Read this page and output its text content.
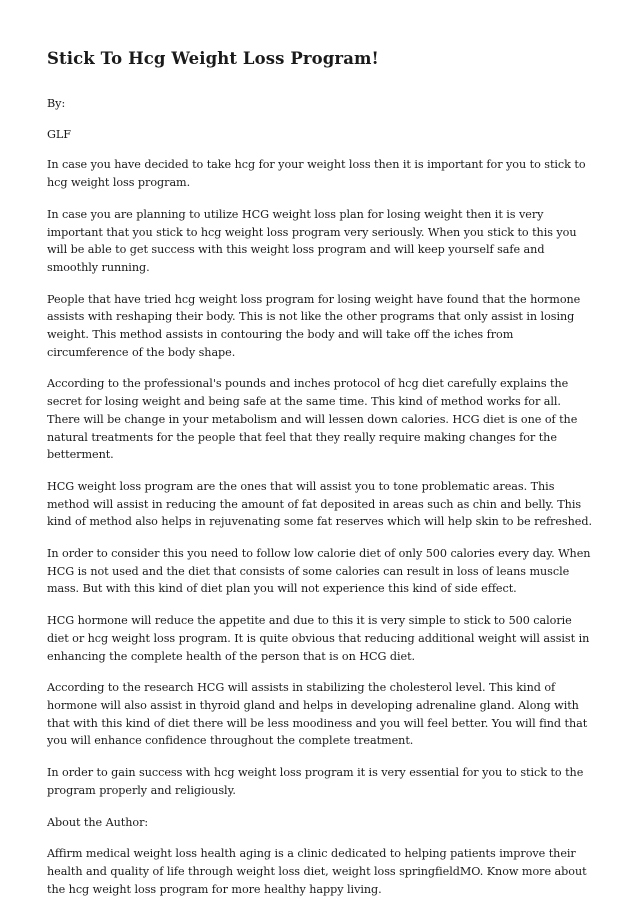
Stick To Hcg Weight Loss Program!

By:

GLF

In case you have decided to take hcg for your weight loss then it is important for you to stick to hcg weight loss program.

In case you are planning to utilize HCG weight loss plan for losing weight then it is very important that you stick to hcg weight loss program very seriously. When you stick to this you will be able to get success with this weight loss program and will keep yourself safe and smoothly running.

People that have tried hcg weight loss program for losing weight have found that the hormone assists with reshaping their body. This is not like the other programs that only assist in losing weight. This method assists in contouring the body and will take off the iches from circumference of the body shape.

According to the professional's pounds and inches protocol of hcg diet carefully explains the secret for losing weight and being safe at the same time. This kind of method works for all. There will be change in your metabolism and will lessen down calories. HCG diet is one of the natural treatments for the people that feel that they really require making changes for the betterment.

HCG weight loss program are the ones that will assist you to tone problematic areas. This method will assist in reducing the amount of fat deposited in areas such as chin and belly. This kind of method also helps in rejuvenating some fat reserves which will help skin to be refreshed.

In order to consider this you need to follow low calorie diet of only 500 calories every day. When HCG is not used and the diet that consists of some calories can result in loss of leans muscle mass. But with this kind of diet plan you will not experience this kind of side effect.

HCG hormone will reduce the appetite and due to this it is very simple to stick to 500 calorie diet or hcg weight loss program. It is quite obvious that reducing additional weight will assist in enhancing the complete health of the person that is on HCG diet.

According to the research HCG will assists in stabilizing the cholesterol level. This kind of hormone will also assist in thyroid gland and helps in developing adrenaline gland. Along with that with this kind of diet there will be less moodiness and you will feel better. You will find that you will enhance confidence throughout the complete treatment.

In order to gain success with hcg weight loss program it is very essential for you to stick to the program properly and religiously.

About the Author:

Affirm medical weight loss health aging is a clinic dedicated to helping patients improve their health and quality of life through weight loss diet, weight loss springfieldMO. Know more about the hcg weight loss program for more healthy happy living.
